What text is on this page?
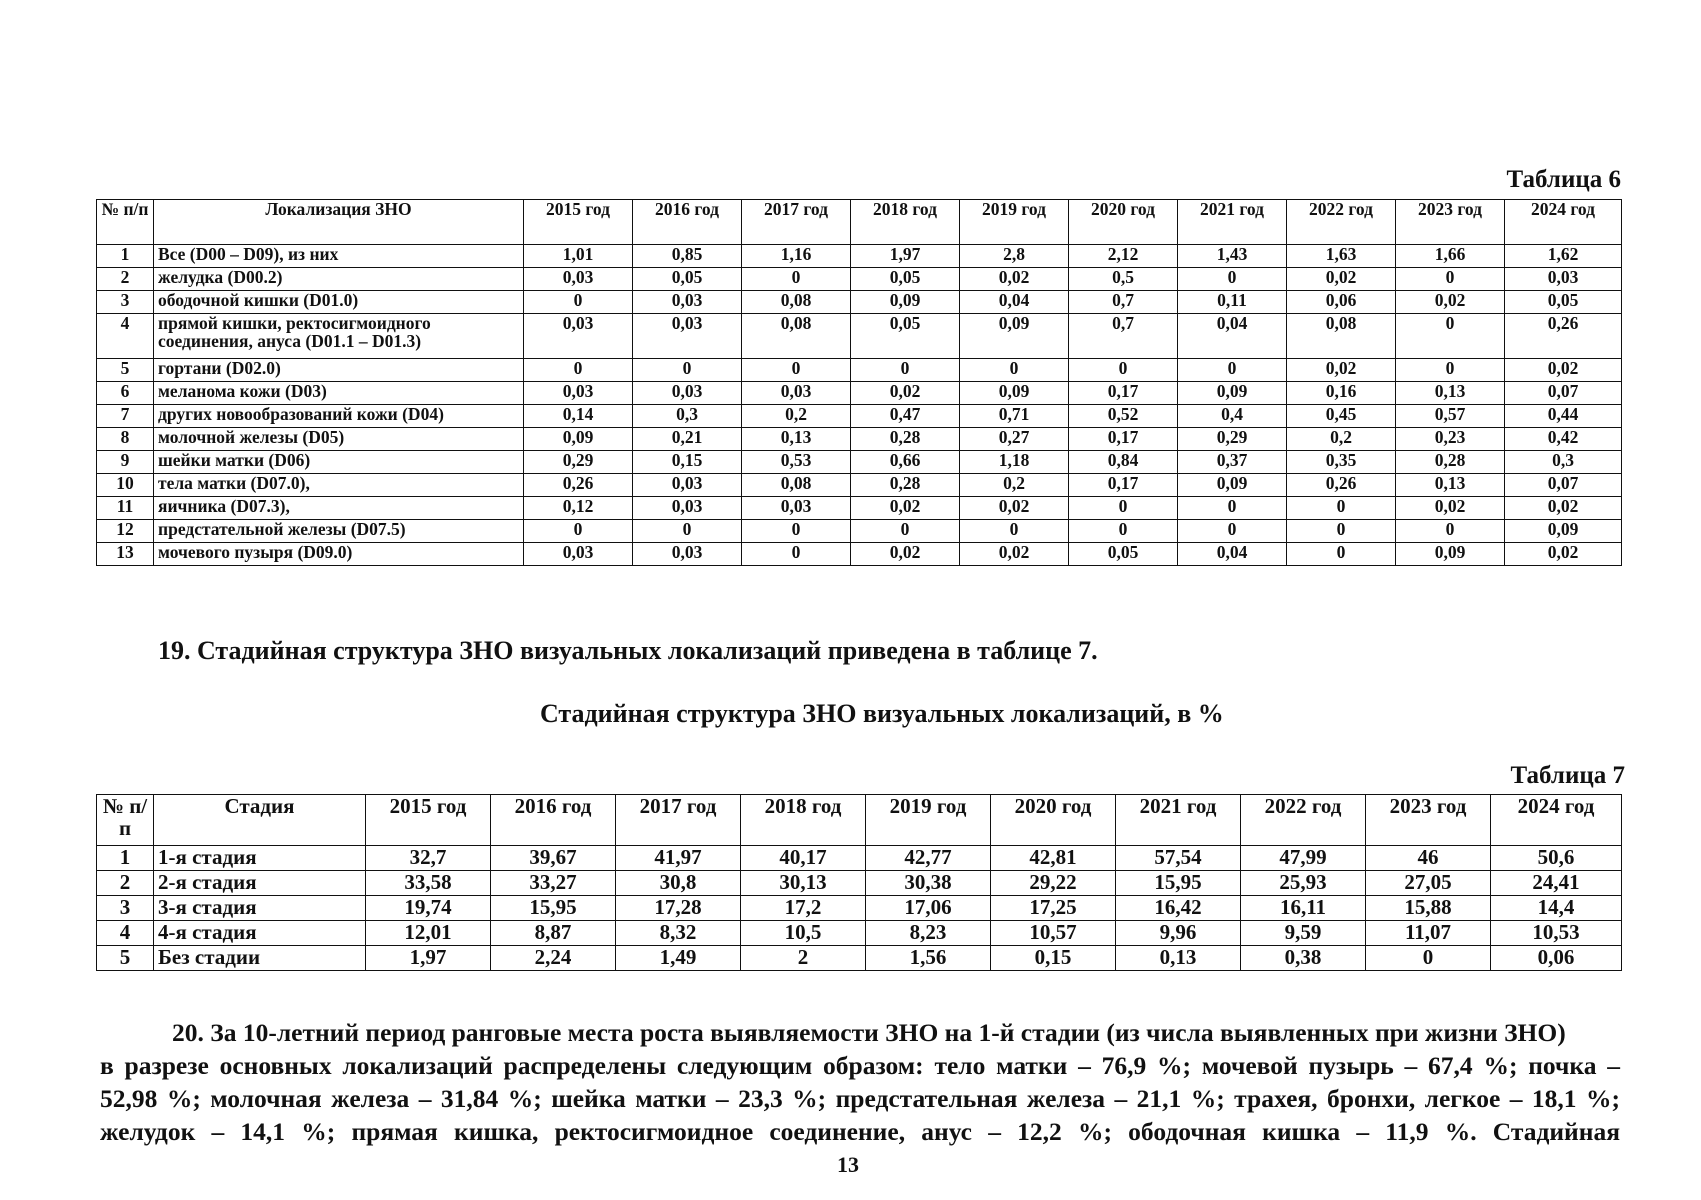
Таблица 6
№ п/п	Локализация ЗНО	2015 год	2016 год	2017 год	2018 год	2019 год	2020 год	2021 год	2022 год	2023 год	2024 год
1	Все (D00 – D09), из них	1,01	0,85	1,16	1,97	2,8	2,12	1,43	1,63	1,66	1,62
2	желудка (D00.2)	0,03	0,05	0	0,05	0,02	0,5	0	0,02	0	0,03
3	ободочной кишки (D01.0)	0	0,03	0,08	0,09	0,04	0,7	0,11	0,06	0,02	0,05
4	прямой кишки, ректосигмоидного соединения, ануса (D01.1 – D01.3)	0,03	0,03	0,08	0,05	0,09	0,7	0,04	0,08	0	0,26
5	гортани (D02.0)	0	0	0	0	0	0	0	0,02	0	0,02
6	меланома кожи (D03)	0,03	0,03	0,03	0,02	0,09	0,17	0,09	0,16	0,13	0,07
7	других новообразований кожи (D04)	0,14	0,3	0,2	0,47	0,71	0,52	0,4	0,45	0,57	0,44
8	молочной железы (D05)	0,09	0,21	0,13	0,28	0,27	0,17	0,29	0,2	0,23	0,42
9	шейки матки (D06)	0,29	0,15	0,53	0,66	1,18	0,84	0,37	0,35	0,28	0,3
10	тела матки (D07.0),	0,26	0,03	0,08	0,28	0,2	0,17	0,09	0,26	0,13	0,07
11	яичника (D07.3),	0,12	0,03	0,03	0,02	0,02	0	0	0	0,02	0,02
12	предстательной железы (D07.5)	0	0	0	0	0	0	0	0	0	0,09
13	мочевого пузыря (D09.0)	0,03	0,03	0	0,02	0,02	0,05	0,04	0	0,09	0,02
19. Стадийная структура ЗНО визуальных локализаций приведена в таблице 7.
Стадийная структура ЗНО визуальных локализаций, в %
Таблица 7
№ п/п	Стадия	2015 год	2016 год	2017 год	2018 год	2019 год	2020 год	2021 год	2022 год	2023 год	2024 год
1	1-я стадия	32,7	39,67	41,97	40,17	42,77	42,81	57,54	47,99	46	50,6
2	2-я стадия	33,58	33,27	30,8	30,13	30,38	29,22	15,95	25,93	27,05	24,41
3	3-я стадия	19,74	15,95	17,28	17,2	17,06	17,25	16,42	16,11	15,88	14,4
4	4-я стадия	12,01	8,87	8,32	10,5	8,23	10,57	9,96	9,59	11,07	10,53
5	Без стадии	1,97	2,24	1,49	2	1,56	0,15	0,13	0,38	0	0,06
20. За 10-летний период ранговые места роста выявляемости ЗНО на 1-й стадии (из числа выявленных при жизни ЗНО)
в разрезе основных локализаций распределены следующим образом: тело матки – 76,9 %; мочевой пузырь – 67,4 %; почка –
52,98 %; молочная железа – 31,84 %; шейка матки – 23,3 %; предстательная железа – 21,1 %; трахея, бронхи, легкое – 18,1 %;
желудок – 14,1 %; прямая кишка, ректосигмоидное соединение, анус – 12,2 %; ободочная кишка – 11,9 %. Стадийная
13
